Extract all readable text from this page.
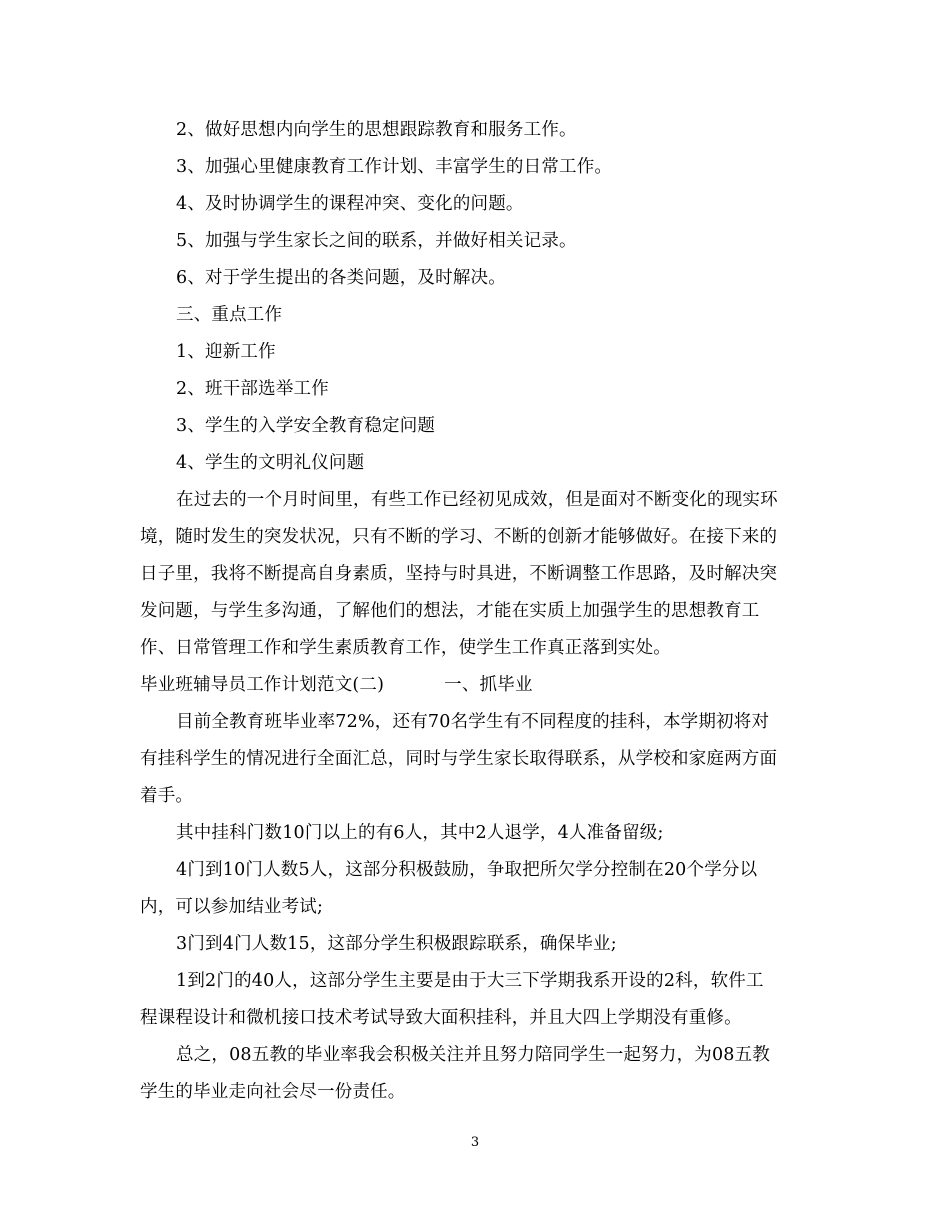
2、做好思想内向学生的思想跟踪教育和服务工作。
3、加强心里健康教育工作计划、丰富学生的日常工作。
4、及时协调学生的课程冲突、变化的问题。
5、加强与学生家长之间的联系，并做好相关记录。
6、对于学生提出的各类问题，及时解决。
三、重点工作
1、迎新工作
2、班干部选举工作
3、学生的入学安全教育稳定问题
4、学生的文明礼仪问题
在过去的一个月时间里，有些工作已经初见成效，但是面对不断变化的现实环
境，随时发生的突发状况，只有不断的学习、不断的创新才能够做好。在接下来的
日子里，我将不断提高自身素质，坚持与时具进，不断调整工作思路，及时解决突
发问题，与学生多沟通，了解他们的想法，才能在实质上加强学生的思想教育工
作、日常管理工作和学生素质教育工作，使学生工作真正落到实处。
毕业班辅导员工作计划范文(二)	一、抓毕业
目前全教育班毕业率72%，还有70名学生有不同程度的挂科，本学期初将对
有挂科学生的情况进行全面汇总，同时与学生家长取得联系，从学校和家庭两方面
着手。
其中挂科门数10门以上的有6人，其中2人退学，4人准备留级;
4门到10门人数5人，这部分积极鼓励，争取把所欠学分控制在20个学分以
内，可以参加结业考试;
3门到4门人数15，这部分学生积极跟踪联系，确保毕业;
1到2门的40人，这部分学生主要是由于大三下学期我系开设的2科，软件工
程课程设计和微机接口技术考试导致大面积挂科，并且大四上学期没有重修。
总之，08五教的毕业率我会积极关注并且努力陪同学生一起努力，为08五教
学生的毕业走向社会尽一份责任。
3
